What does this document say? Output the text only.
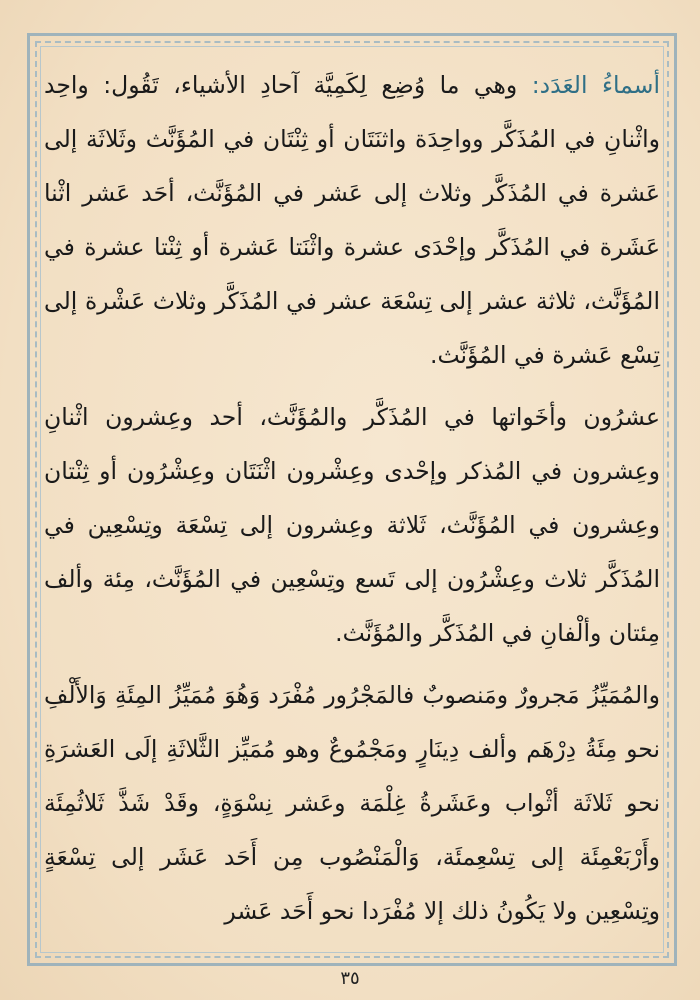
أسماءُ العَدَد: وهي ما وُضِع لِكَمِيَّة آحادِ الأشياء، تَقُول: واحِد واثْنانِ في المُذَكَّر وواحِدَة واثنَتَان أو ثِنْتَان في المُؤَنَّث وثَلاثَة إلى عَشرة في المُذَكَّر وثلاث إلى عَشر في المُؤَنَّث، أحَد عَشر اثْنا عَشَرة في المُذَكَّر وإحْدَى عشرة واثْنَتا عَشرة أو ثِنْتا عشرة في المُؤَنَّث، ثلاثة عشر إلى تِسْعَة عشر في المُذَكَّر وثلاث عَشْرة إلى تِسْع عَشرة في المُؤَنَّث.

عشرُون وأخَواتها في المُذَكَّر والمُؤَنَّث، أحد وعِشرون اثْنانِ وعِشرون في المُذكر وإحْدى وعِشْرون اثْنَتَان وعِشْرُون أو ثِنْتان وعِشرون في المُؤَنَّث، ثَلاثة وعِشرون إلى تِسْعَة وتِسْعِين في المُذَكَّر ثلاث وعِشْرُون إلى تَسع وتِسْعِين في المُؤَنَّث، مِئة وألف مِئتان وألْفانِ في المُذَكَّر والمُؤَنَّث.

والمُمَيِّزُ مَجرورٌ ومَنصوبٌ فالمَجْرُور مُفْرَد وَهُوَ مُمَيِّزُ المِئَةِ وَالأَلْفِ نحو مِئَةُ دِرْهَم وألف دِينَارٍ ومَجْمُوعٌ وهو مُمَيِّز الثَّلاثَةِ إلَى العَشرَةِ نحو ثَلاثَة أثْواب وعَشَرةُ غِلْمَة وعَشر نِسْوَةٍ، وقَدْ شَذَّ ثَلاثُمِئَة وأَرْبَعْمِئَة إلى تِسْعِمئَة، وَالْمَنْصُوب مِن أَحَد عَشَر إلى تِسْعَةٍ وتِسْعِين ولا يَكُونُ ذلك إلا مُفْرَدا نحو أَحَد عَشر

٣٥
